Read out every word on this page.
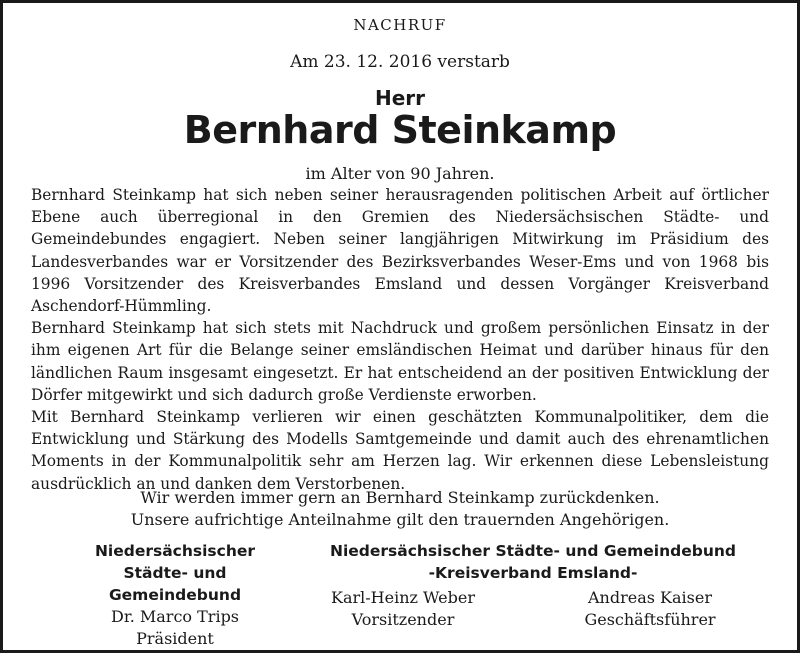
NACHRUF
Am 23. 12. 2016 verstarb
Herr
Bernhard Steinkamp
im Alter von 90 Jahren.

Bernhard Steinkamp hat sich neben seiner herausragenden politischen Arbeit auf örtlicher Ebene auch überregional in den Gremien des Niedersächsischen Städte- und Gemeindebundes engagiert. Neben seiner langjährigen Mitwirkung im Präsidium des Landesverbandes war er Vorsitzender des Bezirksverbandes Weser-Ems und von 1968 bis 1996 Vorsitzender des Kreisverbandes Emsland und dessen Vorgänger Kreisverband Aschendorf-Hümmling.

Bernhard Steinkamp hat sich stets mit Nachdruck und großem persönlichen Einsatz in der ihm eigenen Art für die Belange seiner emsländischen Heimat und darüber hinaus für den ländlichen Raum insgesamt eingesetzt. Er hat entscheidend an der positiven Entwicklung der Dörfer mitgewirkt und sich dadurch große Verdienste erworben.

Mit Bernhard Steinkamp verlieren wir einen geschätzten Kommunalpolitiker, dem die Entwicklung und Stärkung des Modells Samtgemeinde und damit auch des ehrenamtlichen Moments in der Kommunalpolitik sehr am Herzen lag. Wir erkennen diese Lebensleistung ausdrücklich an und danken dem Verstorbenen.

Wir werden immer gern an Bernhard Steinkamp zurückdenken.
Unsere aufrichtige Anteilnahme gilt den trauernden Angehörigen.
Niedersächsischer
Städte- und Gemeindebund
Dr. Marco Trips
Präsident
Niedersächsischer Städte- und Gemeindebund
-Kreisverband Emsland-
Karl-Heinz Weber
Vorsitzender
Andreas Kaiser
Geschäftsführer
